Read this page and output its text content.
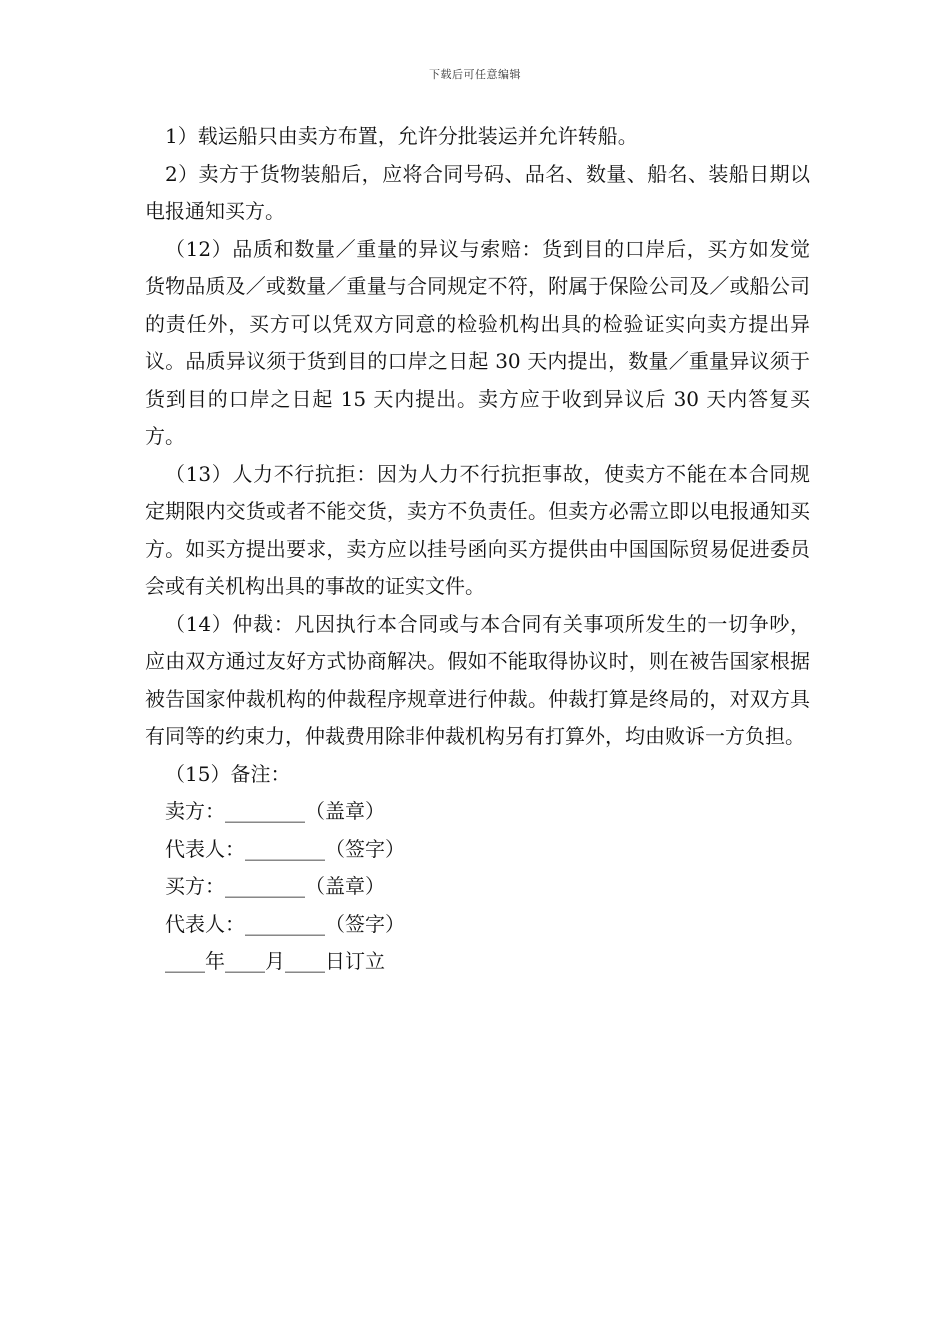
下载后可任意编辑

1）载运船只由卖方布置，允许分批装运并允许转船。

2）卖方于货物装船后，应将合同号码、品名、数量、船名、装船日期以电报通知买方。

（12）品质和数量／重量的异议与索赔：货到目的口岸后，买方如发觉货物品质及／或数量／重量与合同规定不符，附属于保险公司及／或船公司的责任外，买方可以凭双方同意的检验机构出具的检验证实向卖方提出异议。品质异议须于货到目的口岸之日起 30 天内提出，数量／重量异议须于货到目的口岸之日起 15 天内提出。卖方应于收到异议后 30 天内答复买方。

（13）人力不行抗拒：因为人力不行抗拒事故，使卖方不能在本合同规定期限内交货或者不能交货，卖方不负责任。但卖方必需立即以电报通知买方。如买方提出要求，卖方应以挂号函向买方提供由中国国际贸易促进委员会或有关机构出具的事故的证实文件。

（14）仲裁：凡因执行本合同或与本合同有关事项所发生的一切争吵，应由双方通过友好方式协商解决。假如不能取得协议时，则在被告国家根据被告国家仲裁机构的仲裁程序规章进行仲裁。仲裁打算是终局的，对双方具有同等的约束力，仲裁费用除非仲裁机构另有打算外，均由败诉一方负担。

（15）备注：

卖方：________（盖章）

代表人：________（签字）

买方：________（盖章）

代表人：________（签字）

____年____月____日订立
